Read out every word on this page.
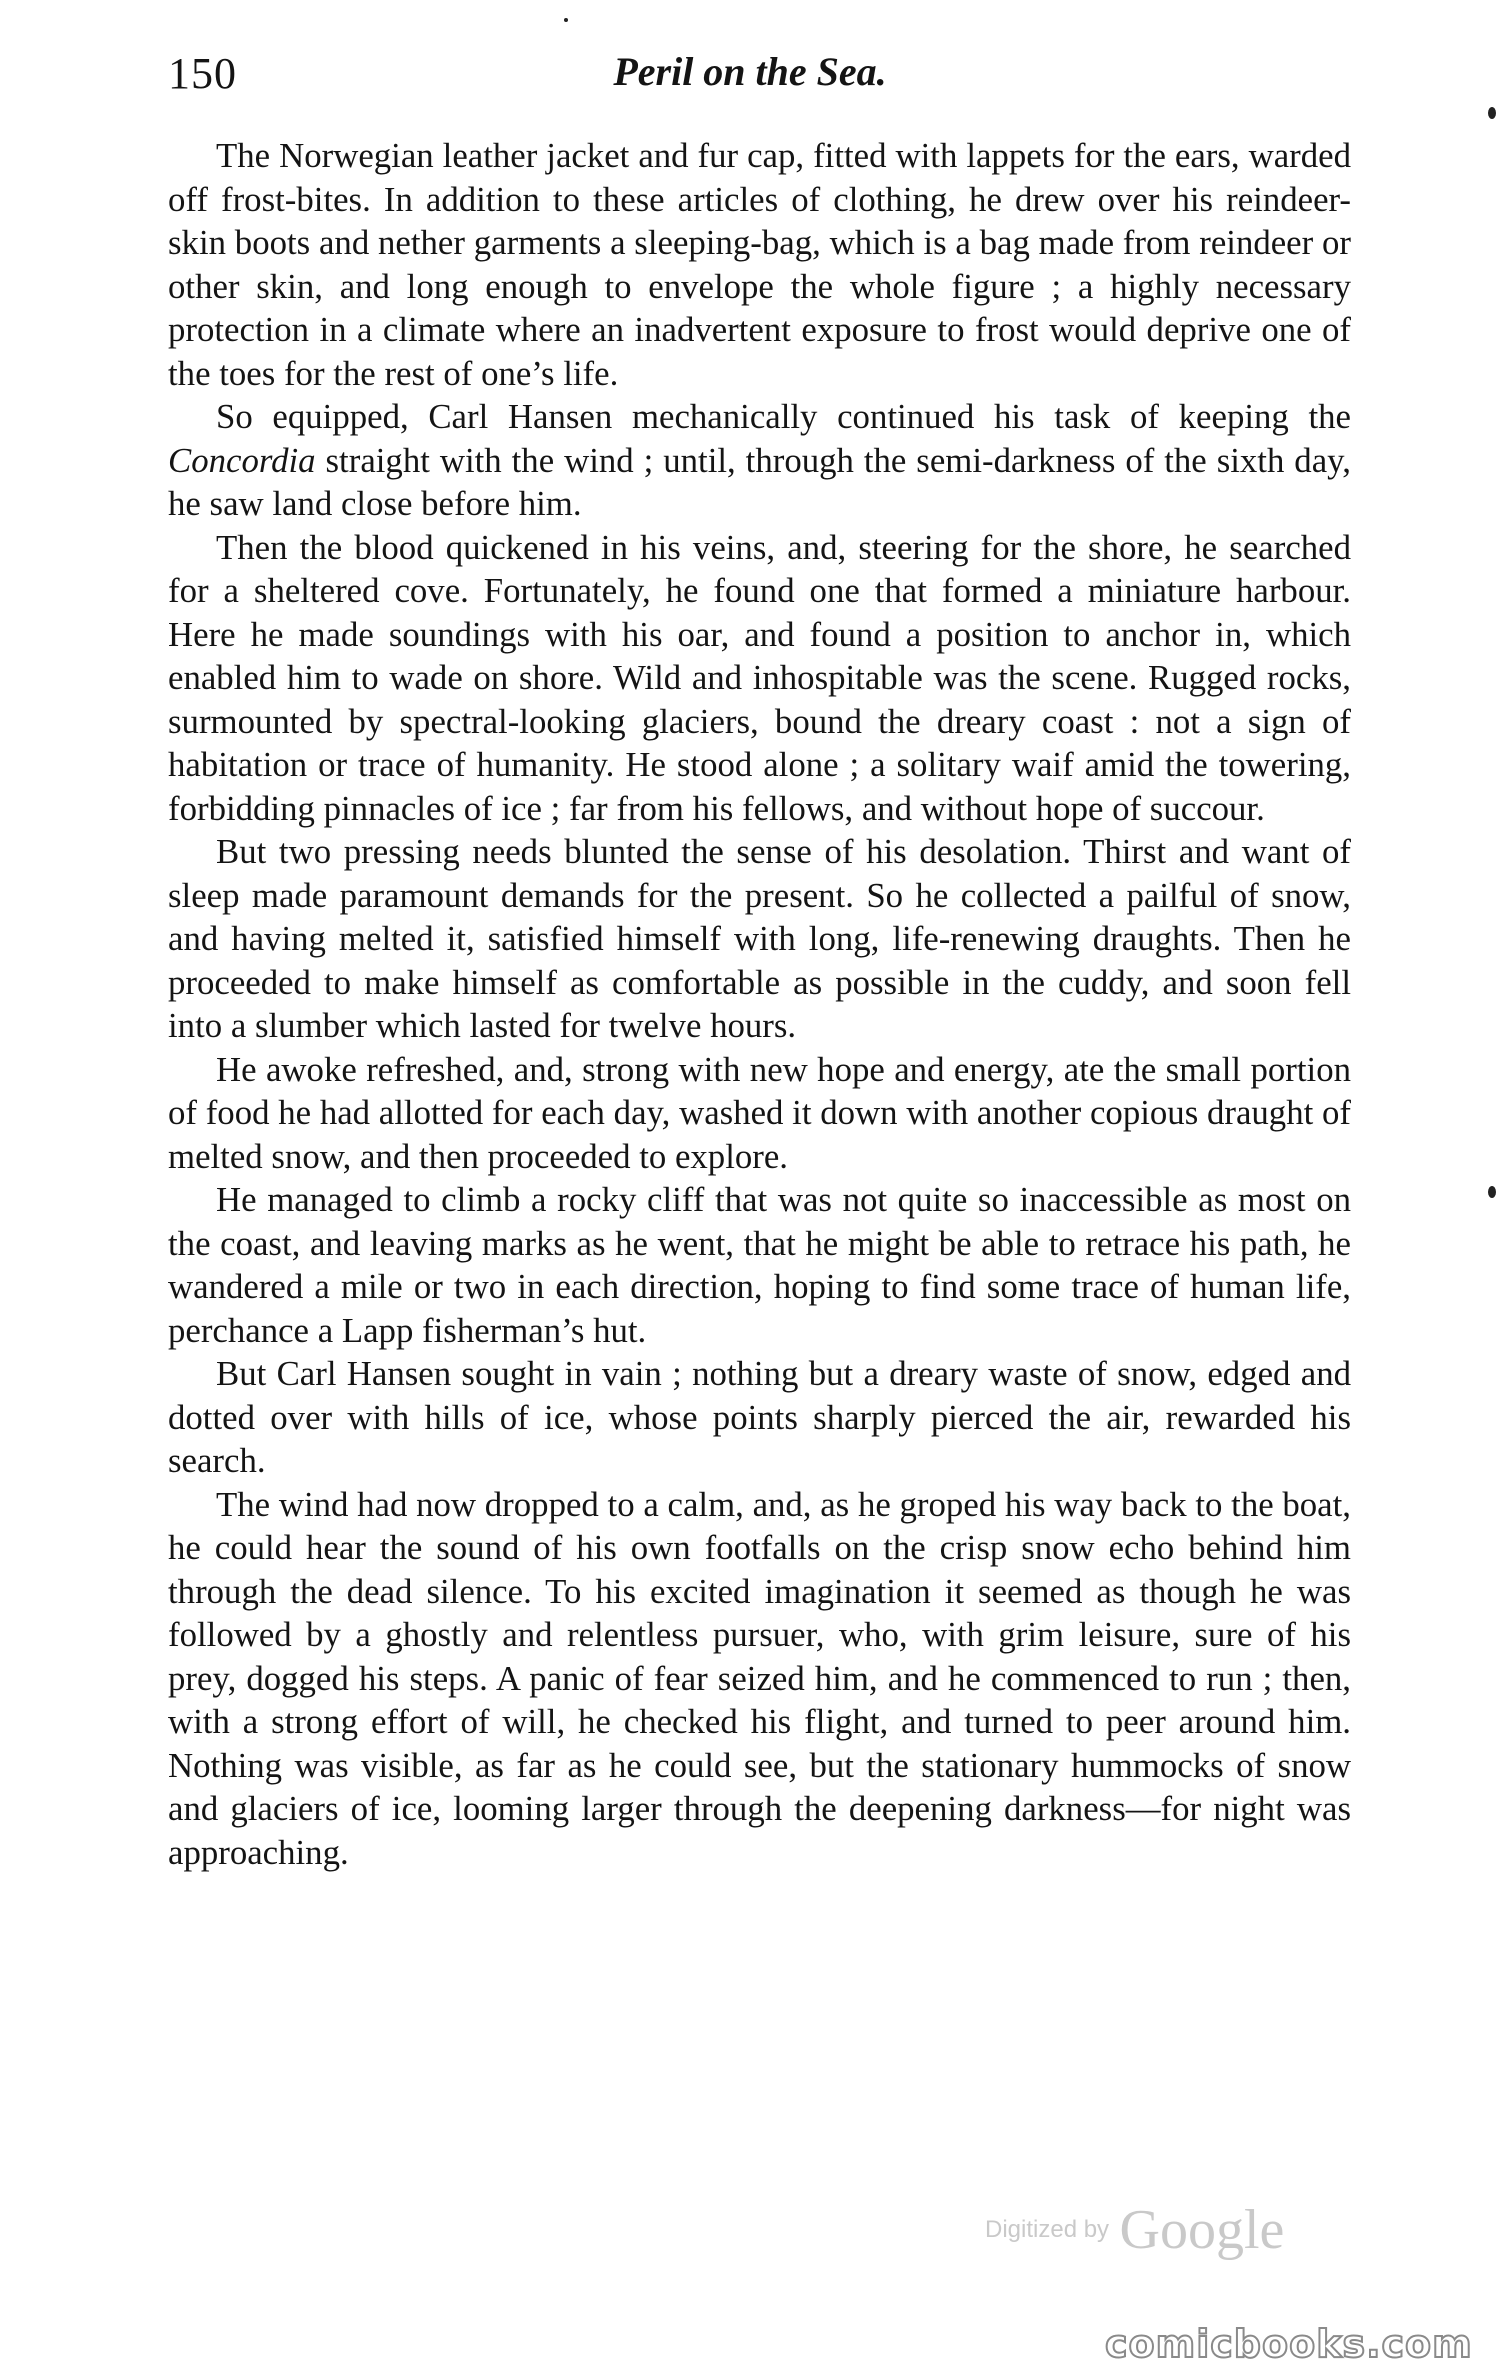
150	Peril on the Sea.

The Norwegian leather jacket and fur cap, fitted with lappets for the ears, warded off frost-bites. In addition to these articles of clothing, he drew over his reindeer-skin boots and nether garments a sleeping-bag, which is a bag made from reindeer or other skin, and long enough to envelope the whole figure ; a highly necessary protection in a climate where an inadvertent exposure to frost would deprive one of the toes for the rest of one’s life.

So equipped, Carl Hansen mechanically continued his task of keeping the Concordia straight with the wind ; until, through the semi-darkness of the sixth day, he saw land close before him.

Then the blood quickened in his veins, and, steering for the shore, he searched for a sheltered cove. Fortunately, he found one that formed a miniature harbour. Here he made soundings with his oar, and found a position to anchor in, which enabled him to wade on shore. Wild and inhospitable was the scene. Rugged rocks, surmounted by spectral-looking glaciers, bound the dreary coast : not a sign of habitation or trace of humanity. He stood alone ; a solitary waif amid the towering, forbidding pinnacles of ice ; far from his fellows, and without hope of succour.

But two pressing needs blunted the sense of his desolation. Thirst and want of sleep made paramount demands for the present. So he collected a pailful of snow, and having melted it, satisfied himself with long, life-renewing draughts. Then he proceeded to make himself as comfortable as possible in the cuddy, and soon fell into a slumber which lasted for twelve hours.

He awoke refreshed, and, strong with new hope and energy, ate the small portion of food he had allotted for each day, washed it down with another copious draught of melted snow, and then proceeded to explore.

He managed to climb a rocky cliff that was not quite so inaccessible as most on the coast, and leaving marks as he went, that he might be able to retrace his path, he wandered a mile or two in each direction, hoping to find some trace of human life, perchance a Lapp fisherman’s hut.

But Carl Hansen sought in vain ; nothing but a dreary waste of snow, edged and dotted over with hills of ice, whose points sharply pierced the air, rewarded his search.

The wind had now dropped to a calm, and, as he groped his way back to the boat, he could hear the sound of his own footfalls on the crisp snow echo behind him through the dead silence. To his excited imagination it seemed as though he was followed by a ghostly and relentless pursuer, who, with grim leisure, sure of his prey, dogged his steps. A panic of fear seized him, and he commenced to run ; then, with a strong effort of will, he checked his flight, and turned to peer around him. Nothing was visible, as far as he could see, but the stationary hummocks of snow and glaciers of ice, looming larger through the deepening darkness—for night was approaching.

Digitized by Google
comicbooks.com
